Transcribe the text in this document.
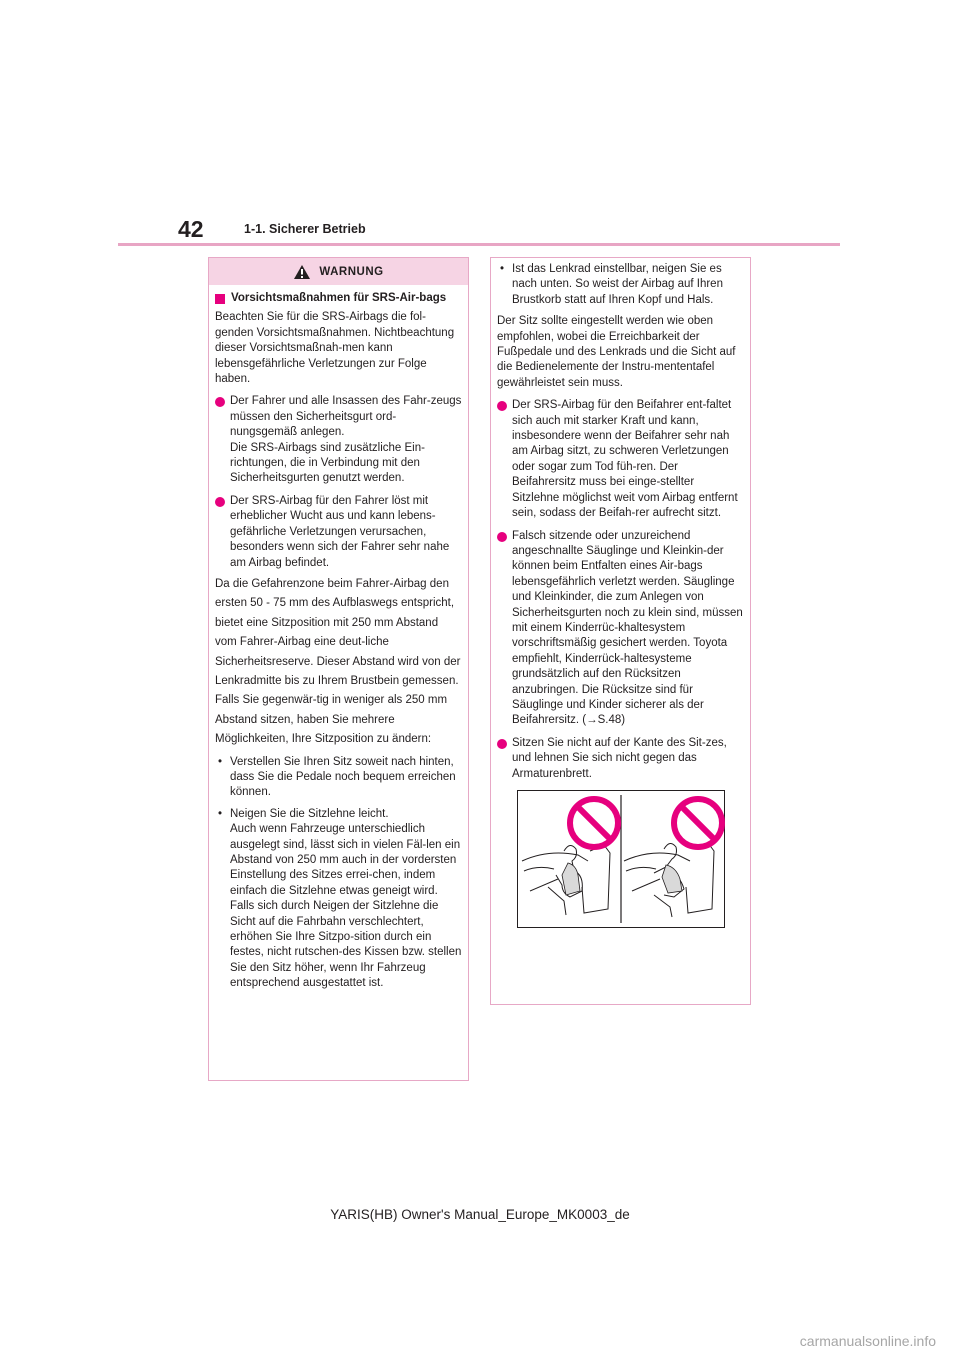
42	1-1. Sicherer Betrieb
WARNUNG
Vorsichtsmaßnahmen für SRS-Air-bags

Beachten Sie für die SRS-Airbags die fol-genden Vorsichtsmaßnahmen. Nichtbeachtung dieser Vorsichtsmaßnah-men kann lebensgefährliche Verletzungen zur Folge haben.

Der Fahrer und alle Insassen des Fahr-zeugs müssen den Sicherheitsgurt ord-nungsgemäß anlegen.
Die SRS-Airbags sind zusätzliche Ein-richtungen, die in Verbindung mit den Sicherheitsgurten genutzt werden.
Der SRS-Airbag für den Fahrer löst mit erheblicher Wucht aus und kann lebens-gefährliche Verletzungen verursachen, besonders wenn sich der Fahrer sehr nahe am Airbag befindet.

Da die Gefahrenzone beim Fahrer-Airbag den ersten 50 - 75 mm des Aufblaswegs entspricht, bietet eine Sitzposition mit 250 mm Abstand vom Fahrer-Airbag eine deut-liche Sicherheitsreserve. Dieser Abstand wird von der Lenkradmitte bis zu Ihrem Brustbein gemessen. Falls Sie gegenwär-tig in weniger als 250 mm Abstand sitzen, haben Sie mehrere Möglichkeiten, Ihre Sitzposition zu ändern:

• Verstellen Sie Ihren Sitz soweit nach hinten, dass Sie die Pedale noch bequem erreichen können.
• Neigen Sie die Sitzlehne leicht.
Auch wenn Fahrzeuge unterschiedlich ausgelegt sind, lässt sich in vielen Fäl-len ein Abstand von 250 mm auch in der vordersten Einstellung des Sitzes errei-chen, indem einfach die Sitzlehne etwas geneigt wird. Falls sich durch Neigen der Sitzlehne die Sicht auf die Fahrbahn verschlechtert, erhöhen Sie Ihre Sitzpo-sition durch ein festes, nicht rutschen-des Kissen bzw. stellen Sie den Sitz höher, wenn Ihr Fahrzeug entsprechend ausgestattet ist.
• Ist das Lenkrad einstellbar, neigen Sie es nach unten. So weist der Airbag auf Ihren Brustkorb statt auf Ihren Kopf und Hals.

Der Sitz sollte eingestellt werden wie oben empfohlen, wobei die Erreichbarkeit der Fußpedale und des Lenkrads und die Sicht auf die Bedienelemente der Instru-mententafel gewährleistet sein muss.

Der SRS-Airbag für den Beifahrer ent-faltet sich auch mit starker Kraft und kann, insbesondere wenn der Beifahrer sehr nah am Airbag sitzt, zu schweren Verletzungen oder sogar zum Tod füh-ren. Der Beifahrersitz muss bei einge-stellter Sitzlehne möglichst weit vom Airbag entfernt sein, sodass der Beifah-rer aufrecht sitzt.
Falsch sitzende oder unzureichend angeschnallte Säuglinge und Kleinkin-der können beim Entfalten eines Air-bags lebensgefährlich verletzt werden. Säuglinge und Kleinkinder, die zum Anlegen von Sicherheitsgurten noch zu klein sind, müssen mit einem Kinderrüc-khaltesystem vorschriftsmäßig gesichert werden. Toyota empfiehlt, Kinderrück-haltesysteme grundsätzlich auf den Rücksitzen anzubringen. Die Rücksitze sind für Säuglinge und Kinder sicherer als der Beifahrersitz. (→S.48)
Sitzen Sie nicht auf der Kante des Sit-zes, und lehnen Sie sich nicht gegen das Armaturenbrett.
YARIS(HB) Owner's Manual_Europe_MK0003_de
carmanualsonline.info
